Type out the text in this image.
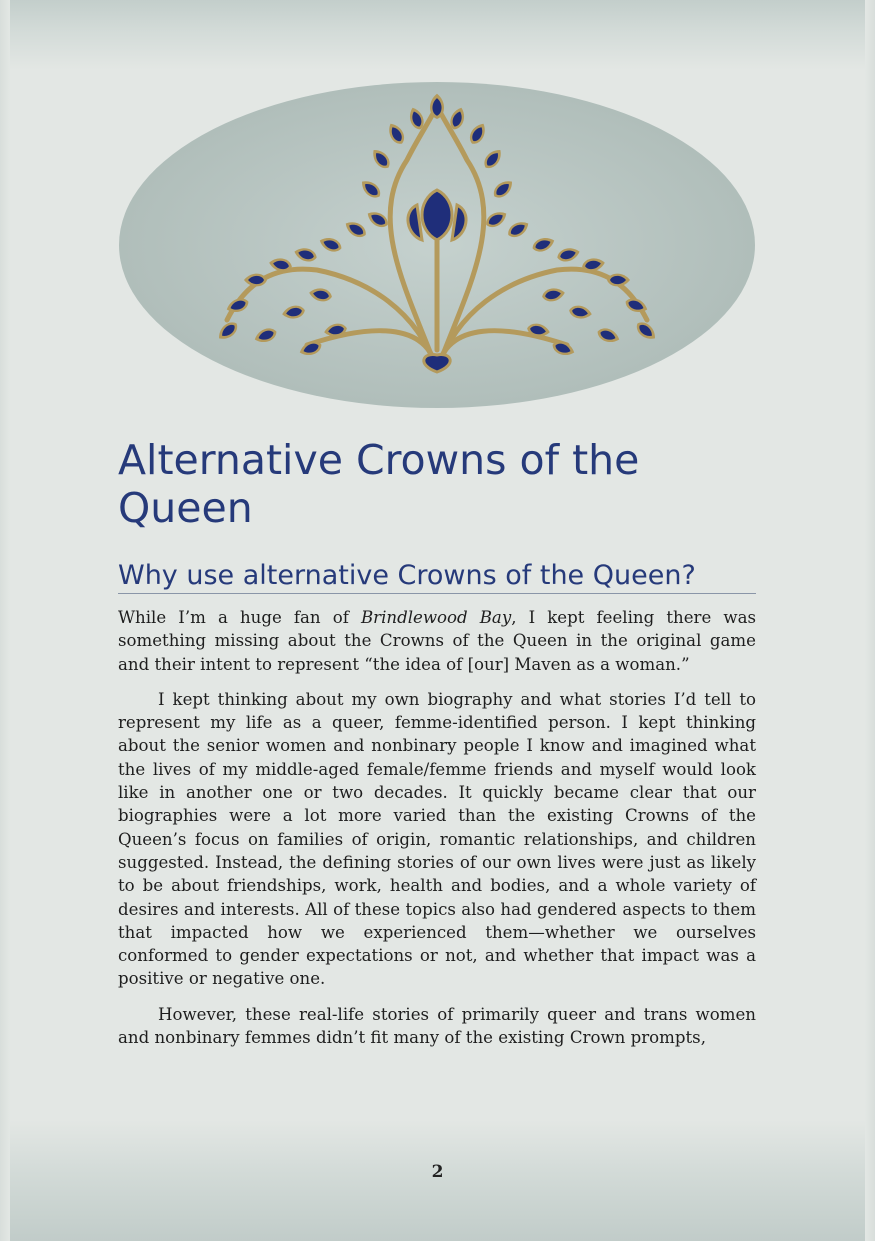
Alternative Crowns of the Queen
Why use alternative Crowns of the Queen?

While I’m a huge fan of Brindlewood Bay, I kept feeling there was something missing about the Crowns of the Queen in the original game and their intent to represent “the idea of [our] Maven as a woman.”

I kept thinking about my own biography and what stories I’d tell to represent my life as a queer, femme-identified person. I kept thinking about the senior women and nonbinary people I know and imagined what the lives of my middle-aged female/femme friends and myself would look like in another one or two decades. It quickly became clear that our biographies were a lot more varied than the existing Crowns of the Queen’s focus on families of origin, romantic relationships, and children suggested. Instead, the defining stories of our own lives were just as likely to be about friendships, work, health and bodies, and a whole variety of desires and interests. All of these topics also had gendered aspects to them that impacted how we experienced them—whether we ourselves conformed to gender expectations or not, and whether that impact was a positive or negative one.

However, these real-life stories of primarily queer and trans women and nonbinary femmes didn’t fit many of the existing Crown prompts,

2
